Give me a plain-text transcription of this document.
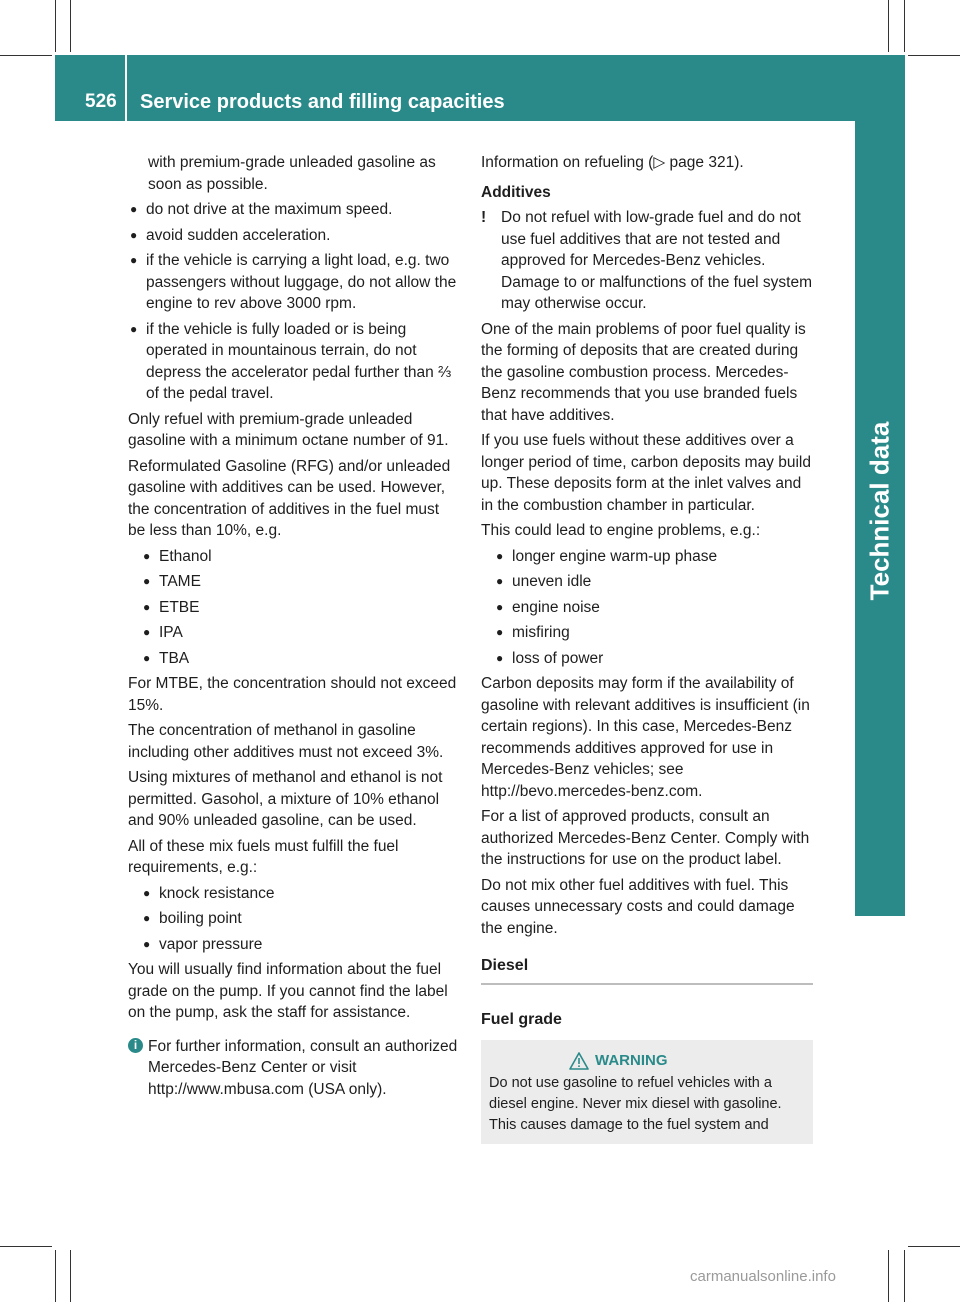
526 Service products and filling capacities
Technical data

with premium-grade unleaded gasoline as soon as possible.

● do not drive at the maximum speed.
● avoid sudden acceleration.
● if the vehicle is carrying a light load, e.g. two passengers without luggage, do not allow the engine to rev above 3000 rpm.
● if the vehicle is fully loaded or is being operated in mountainous terrain, do not depress the accelerator pedal further than ⅔ of the pedal travel.

Only refuel with premium-grade unleaded gasoline with a minimum octane number of 91.

Reformulated Gasoline (RFG) and/or unleaded gasoline with additives can be used. However, the concentration of additives in the fuel must be less than 10%, e.g.

● Ethanol
● TAME
● ETBE
● IPA
● TBA

For MTBE, the concentration should not exceed 15%.

The concentration of methanol in gasoline including other additives must not exceed 3%.

Using mixtures of methanol and ethanol is not permitted. Gasohol, a mixture of 10% ethanol and 90% unleaded gasoline, can be used.

All of these mix fuels must fulfill the fuel requirements, e.g.:

● knock resistance
● boiling point
● vapor pressure

You will usually find information about the fuel grade on the pump. If you cannot find the label on the pump, ask the staff for assistance.

i For further information, consult an authorized Mercedes-Benz Center or visit http://www.mbusa.com (USA only).

Information on refueling (▷ page 321).

Additives
! Do not refuel with low-grade fuel and do not use fuel additives that are not tested and approved for Mercedes-Benz vehicles. Damage to or malfunctions of the fuel system may otherwise occur.

One of the main problems of poor fuel quality is the forming of deposits that are created during the gasoline combustion process. Mercedes-Benz recommends that you use branded fuels that have additives.

If you use fuels without these additives over a longer period of time, carbon deposits may build up. These deposits form at the inlet valves and in the combustion chamber in particular.

This could lead to engine problems, e.g.:

● longer engine warm-up phase
● uneven idle
● engine noise
● misfiring
● loss of power

Carbon deposits may form if the availability of gasoline with relevant additives is insufficient (in certain regions). In this case, Mercedes-Benz recommends additives approved for use in Mercedes-Benz vehicles; see http://bevo.mercedes-benz.com.

For a list of approved products, consult an authorized Mercedes-Benz Center. Comply with the instructions for use on the product label.

Do not mix other fuel additives with fuel. This causes unnecessary costs and could damage the engine.

Diesel
Fuel grade
WARNING
Do not use gasoline to refuel vehicles with a diesel engine. Never mix diesel with gasoline. This causes damage to the fuel system and
carmanualsonline.info
